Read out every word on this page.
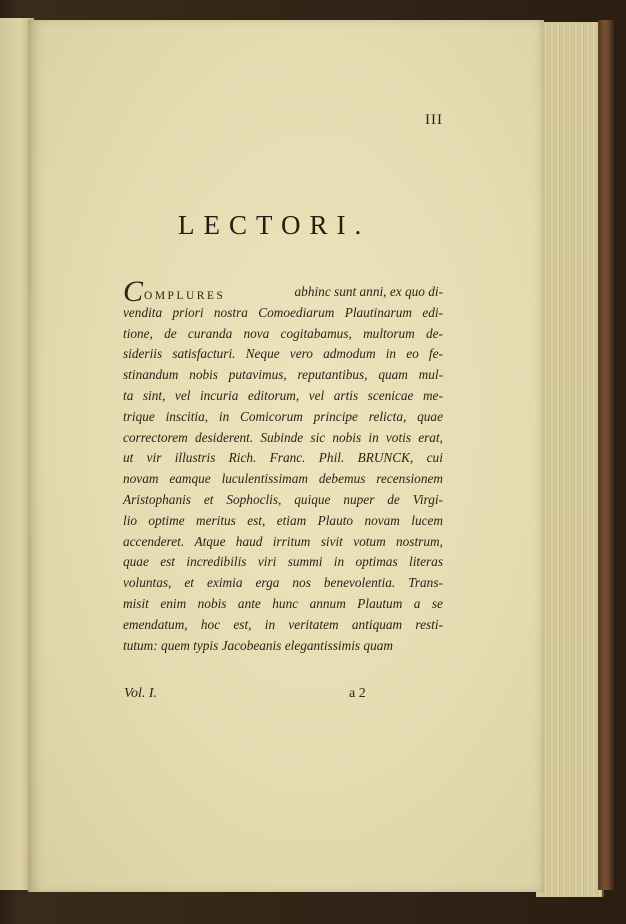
III
LECTORI.
COMPLURES	abhinc sunt anni, ex quo di-
vendita priori nostra Comoediarum Plautinarum edi-
tione, de curanda nova cogitabamus, multorum de-
sideriis satisfacturi. Neque vero admodum in eo fe-
stinandum nobis putavimus, reputantibus, quam mul-
ta sint, vel incuria editorum, vel artis scenicae me-
trique inscitia, in Comicorum principe relicta, quae
correctorem desiderent. Subinde sic nobis in votis erat,
ut vir illustris Rich. Franc. Phil. BRUNCK, cui
novam eamque luculentissimam debemus recensionem
Aristophanis et Sophoclis, quique nuper de Virgi-
lio optime meritus est, etiam Plauto novam lucem
accenderet. Atque haud irritum sivit votum nostrum,
quae est incredibilis viri summi in optimas literas
voluntas, et eximia erga nos benevolentia. Trans-
misit enim nobis ante hunc annum Plautum a se
emendatum, hoc est, in veritatem antiquam resti-
tutum: quem typis Jacobeanis elegantissimis quam
Vol. I.	a 2
